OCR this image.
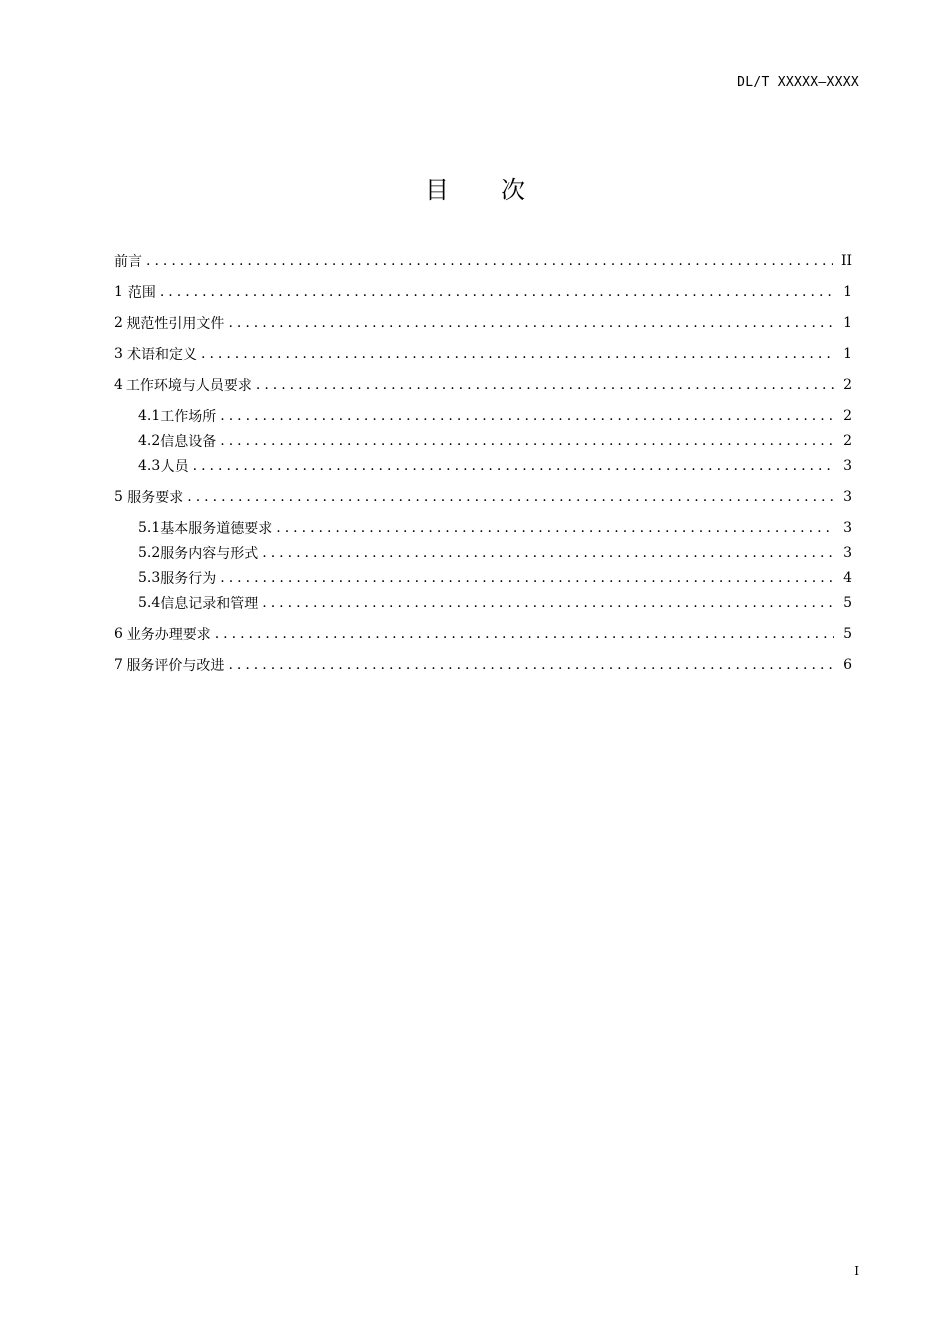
DL/T XXXXX—XXXX
目 次
前言 .....	II
1 范围 .....	1
2 规范性引用文件 .....	1
3 术语和定义 .....	1
4 工作环境与人员要求 .....	2
4.1 工作场所 .....	2
4.2 信息设备 .....	2
4.3 人员 .....	3
5 服务要求 .....	3
5.1 基本服务道德要求 .....	3
5.2 服务内容与形式 .....	3
5.3 服务行为 .....	4
5.4 信息记录和管理 .....	5
6 业务办理要求 .....	5
7 服务评价与改进 .....	6
I
